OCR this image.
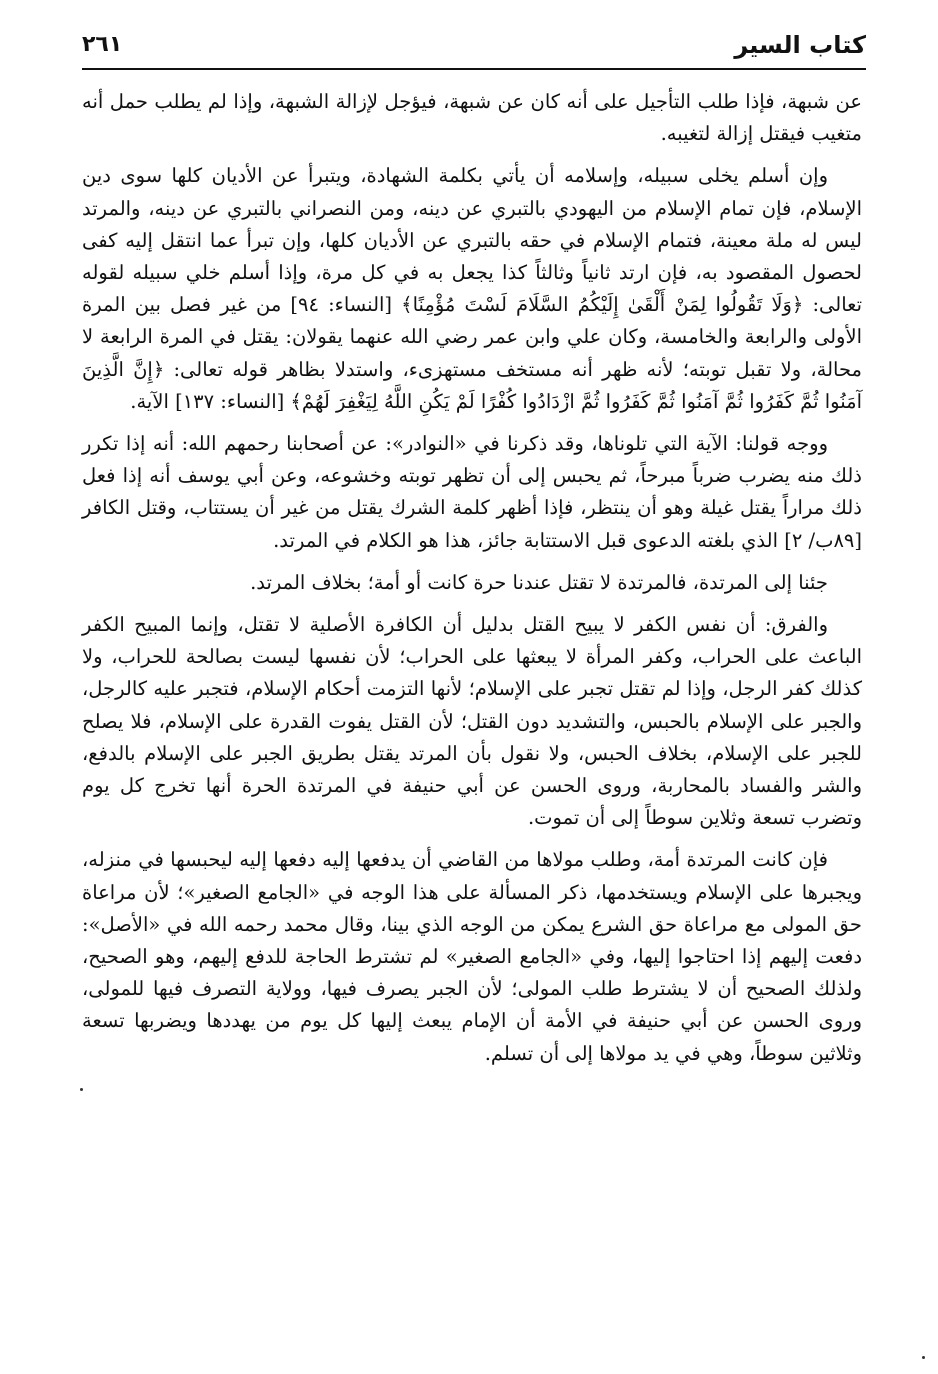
كتاب السير
٢٦١

عن شبهة، فإذا طلب التأجيل على أنه كان عن شبهة، فيؤجل لإزالة الشبهة، وإذا لم يطلب حمل أنه متغيب فيقتل إزالة لتغيبه.

وإن أسلم يخلى سبيله، وإسلامه أن يأتي بكلمة الشهادة، ويتبرأ عن الأديان كلها سوى دين الإسلام، فإن تمام الإسلام من اليهودي بالتبري عن دينه، ومن النصراني بالتبري عن دينه، والمرتد ليس له ملة معينة، فتمام الإسلام في حقه بالتبري عن الأديان كلها، وإن تبرأ عما انتقل إليه كفى لحصول المقصود به، فإن ارتد ثانياً وثالثاً كذا يجعل به في كل مرة، وإذا أسلم خلي سبيله لقوله تعالى: ﴿وَلَا تَقُولُوا لِمَنْ أَلْقَىٰ إِلَيْكُمُ السَّلَامَ لَسْتَ مُؤْمِنًا﴾ [النساء: ٩٤] من غير فصل بين المرة الأولى والرابعة والخامسة، وكان علي وابن عمر رضي الله عنهما يقولان: يقتل في المرة الرابعة لا محالة، ولا تقبل توبته؛ لأنه ظهر أنه مستخف مستهزىء، واستدلا بظاهر قوله تعالى: ﴿إِنَّ الَّذِينَ آمَنُوا ثُمَّ كَفَرُوا ثُمَّ آمَنُوا ثُمَّ كَفَرُوا ثُمَّ ازْدَادُوا كُفْرًا لَمْ يَكُنِ اللَّهُ لِيَغْفِرَ لَهُمْ﴾ [النساء: ١٣٧] الآية.

ووجه قولنا: الآية التي تلوناها، وقد ذكرنا في «النوادر»: عن أصحابنا رحمهم الله: أنه إذا تكرر ذلك منه يضرب ضرباً مبرحاً، ثم يحبس إلى أن تظهر توبته وخشوعه، وعن أبي يوسف أنه إذا فعل ذلك مراراً يقتل غيلة وهو أن ينتظر، فإذا أظهر كلمة الشرك يقتل من غير أن يستتاب، وقتل الكافر [٨٩ب/ ٢] الذي بلغته الدعوى قبل الاستتابة جائز، هذا هو الكلام في المرتد.

جئنا إلى المرتدة، فالمرتدة لا تقتل عندنا حرة كانت أو أمة؛ بخلاف المرتد.

والفرق: أن نفس الكفر لا يبيح القتل بدليل أن الكافرة الأصلية لا تقتل، وإنما المبيح الكفر الباعث على الحراب، وكفر المرأة لا يبعثها على الحراب؛ لأن نفسها ليست بصالحة للحراب، ولا كذلك كفر الرجل، وإذا لم تقتل تجبر على الإسلام؛ لأنها التزمت أحكام الإسلام، فتجبر عليه كالرجل، والجبر على الإسلام بالحبس، والتشديد دون القتل؛ لأن القتل يفوت القدرة على الإسلام، فلا يصلح للجبر على الإسلام، بخلاف الحبس، ولا نقول بأن المرتد يقتل بطريق الجبر على الإسلام بالدفع، والشر والفساد بالمحاربة، وروى الحسن عن أبي حنيفة في المرتدة الحرة أنها تخرج كل يوم وتضرب تسعة وثلاين سوطاً إلى أن تموت.

فإن كانت المرتدة أمة، وطلب مولاها من القاضي أن يدفعها إليه دفعها إليه ليحبسها في منزله، ويجبرها على الإسلام ويستخدمها، ذكر المسألة على هذا الوجه في «الجامع الصغير»؛ لأن مراعاة حق المولى مع مراعاة حق الشرع يمكن من الوجه الذي بينا، وقال محمد رحمه الله في «الأصل»: دفعت إليهم إذا احتاجوا إليها، وفي «الجامع الصغير» لم تشترط الحاجة للدفع إليهم، وهو الصحيح، ولذلك الصحيح أن لا يشترط طلب المولى؛ لأن الجبر يصرف فيها، وولاية التصرف فيها للمولى، وروى الحسن عن أبي حنيفة في الأمة أن الإمام يبعث إليها كل يوم من يهددها ويضربها تسعة وثلاثين سوطاً، وهي في يد مولاها إلى أن تسلم.
